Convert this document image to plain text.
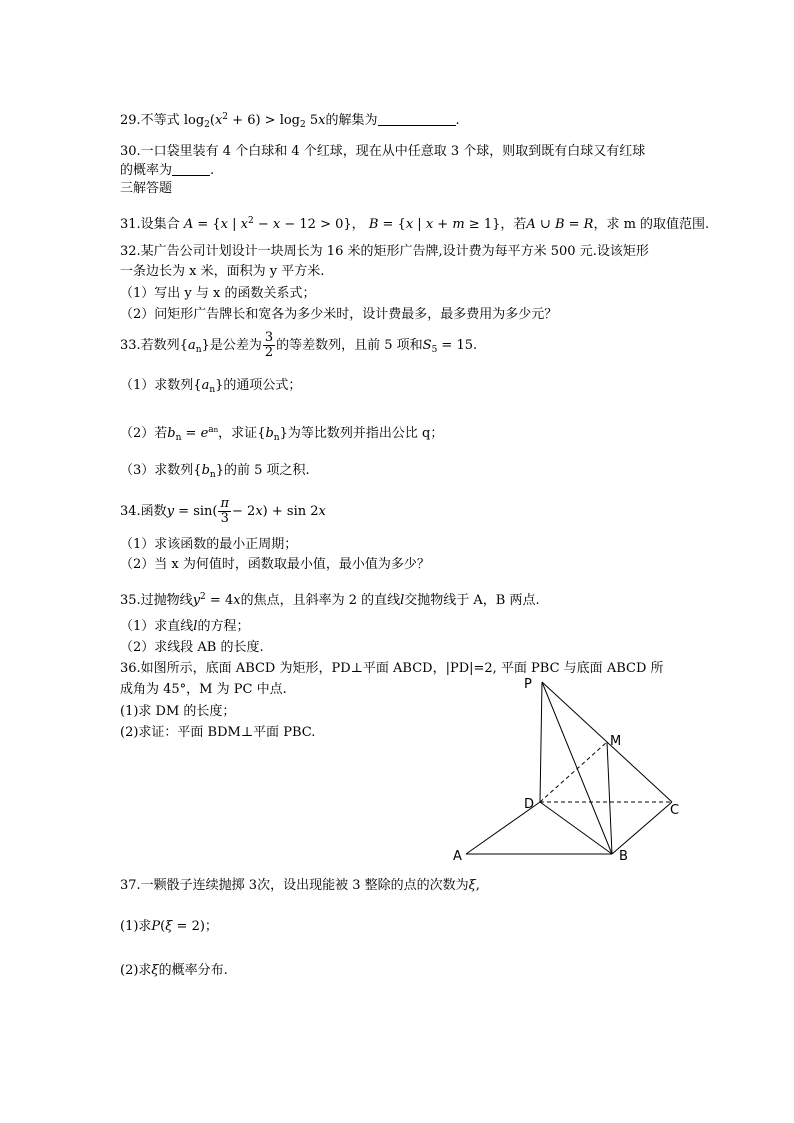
29.不等式 $\log_2(x^2 + 6) > \log_2 5x$的解集为	.
30.一口袋里装有 4 个白球和 4 个红球，现在从中任意取 3 个球，则取到既有白球又有红球
的概率为	.
三解答题
31.设集合 A = {x | $x^2 - x - 12 > 0$}， B = {x | x + m ≥ 1}，若A ∪ B = R，求 m 的取值范围.
32.某广告公司计划设计一块周长为 16 米的矩形广告牌,设计费为每平方米 500 元.设该矩形
一条边长为 x 米，面积为 y 平方米.
（1）写出 y 与 x 的函数关系式；
（2）问矩形广告牌长和宽各为多少米时，设计费最多，最多费用为多少元？
33.若数列$\{a_n\}$是公差为 $\frac{3}{2}$ 的等差数列，且前 5 项和$S_5 = 15$.
（1）求数列$\{a_n\}$的通项公式；
（2）若$b_n = e^{an}$，求证$\{b_n\}$为等比数列并指出公比 q；
（3）求数列$\{b_n\}$的前 5 项之积.
34.函数$y = \sin( \frac{\pi}{3} - 2x) + \sin 2x$
（1）求该函数的最小正周期；
（2）当 x 为何值时，函数取最小值，最小值为多少？
35.过抛物线$y^2 = 4x$的焦点，且斜率为 2 的直线l交抛物线于 A，B 两点.
（1）求直线l的方程；
（2）求线段 AB 的长度.
36.如图所示，底面 ABCD 为矩形，PD⊥平面 ABCD，|PD|=2, 平面 PBC 与底面 ABCD 所
成角为 45°，M 为 PC 中点.
(1)求 DM 的长度；
(2)求证：平面 BDM⊥平面 PBC.
P
M
D	C
A	B
37.一颗骰子连续抛掷 3次，设出现能被 3 整除的点的次数为ξ,
(1)求P(ξ = 2)；
(2)求ξ的概率分布.
